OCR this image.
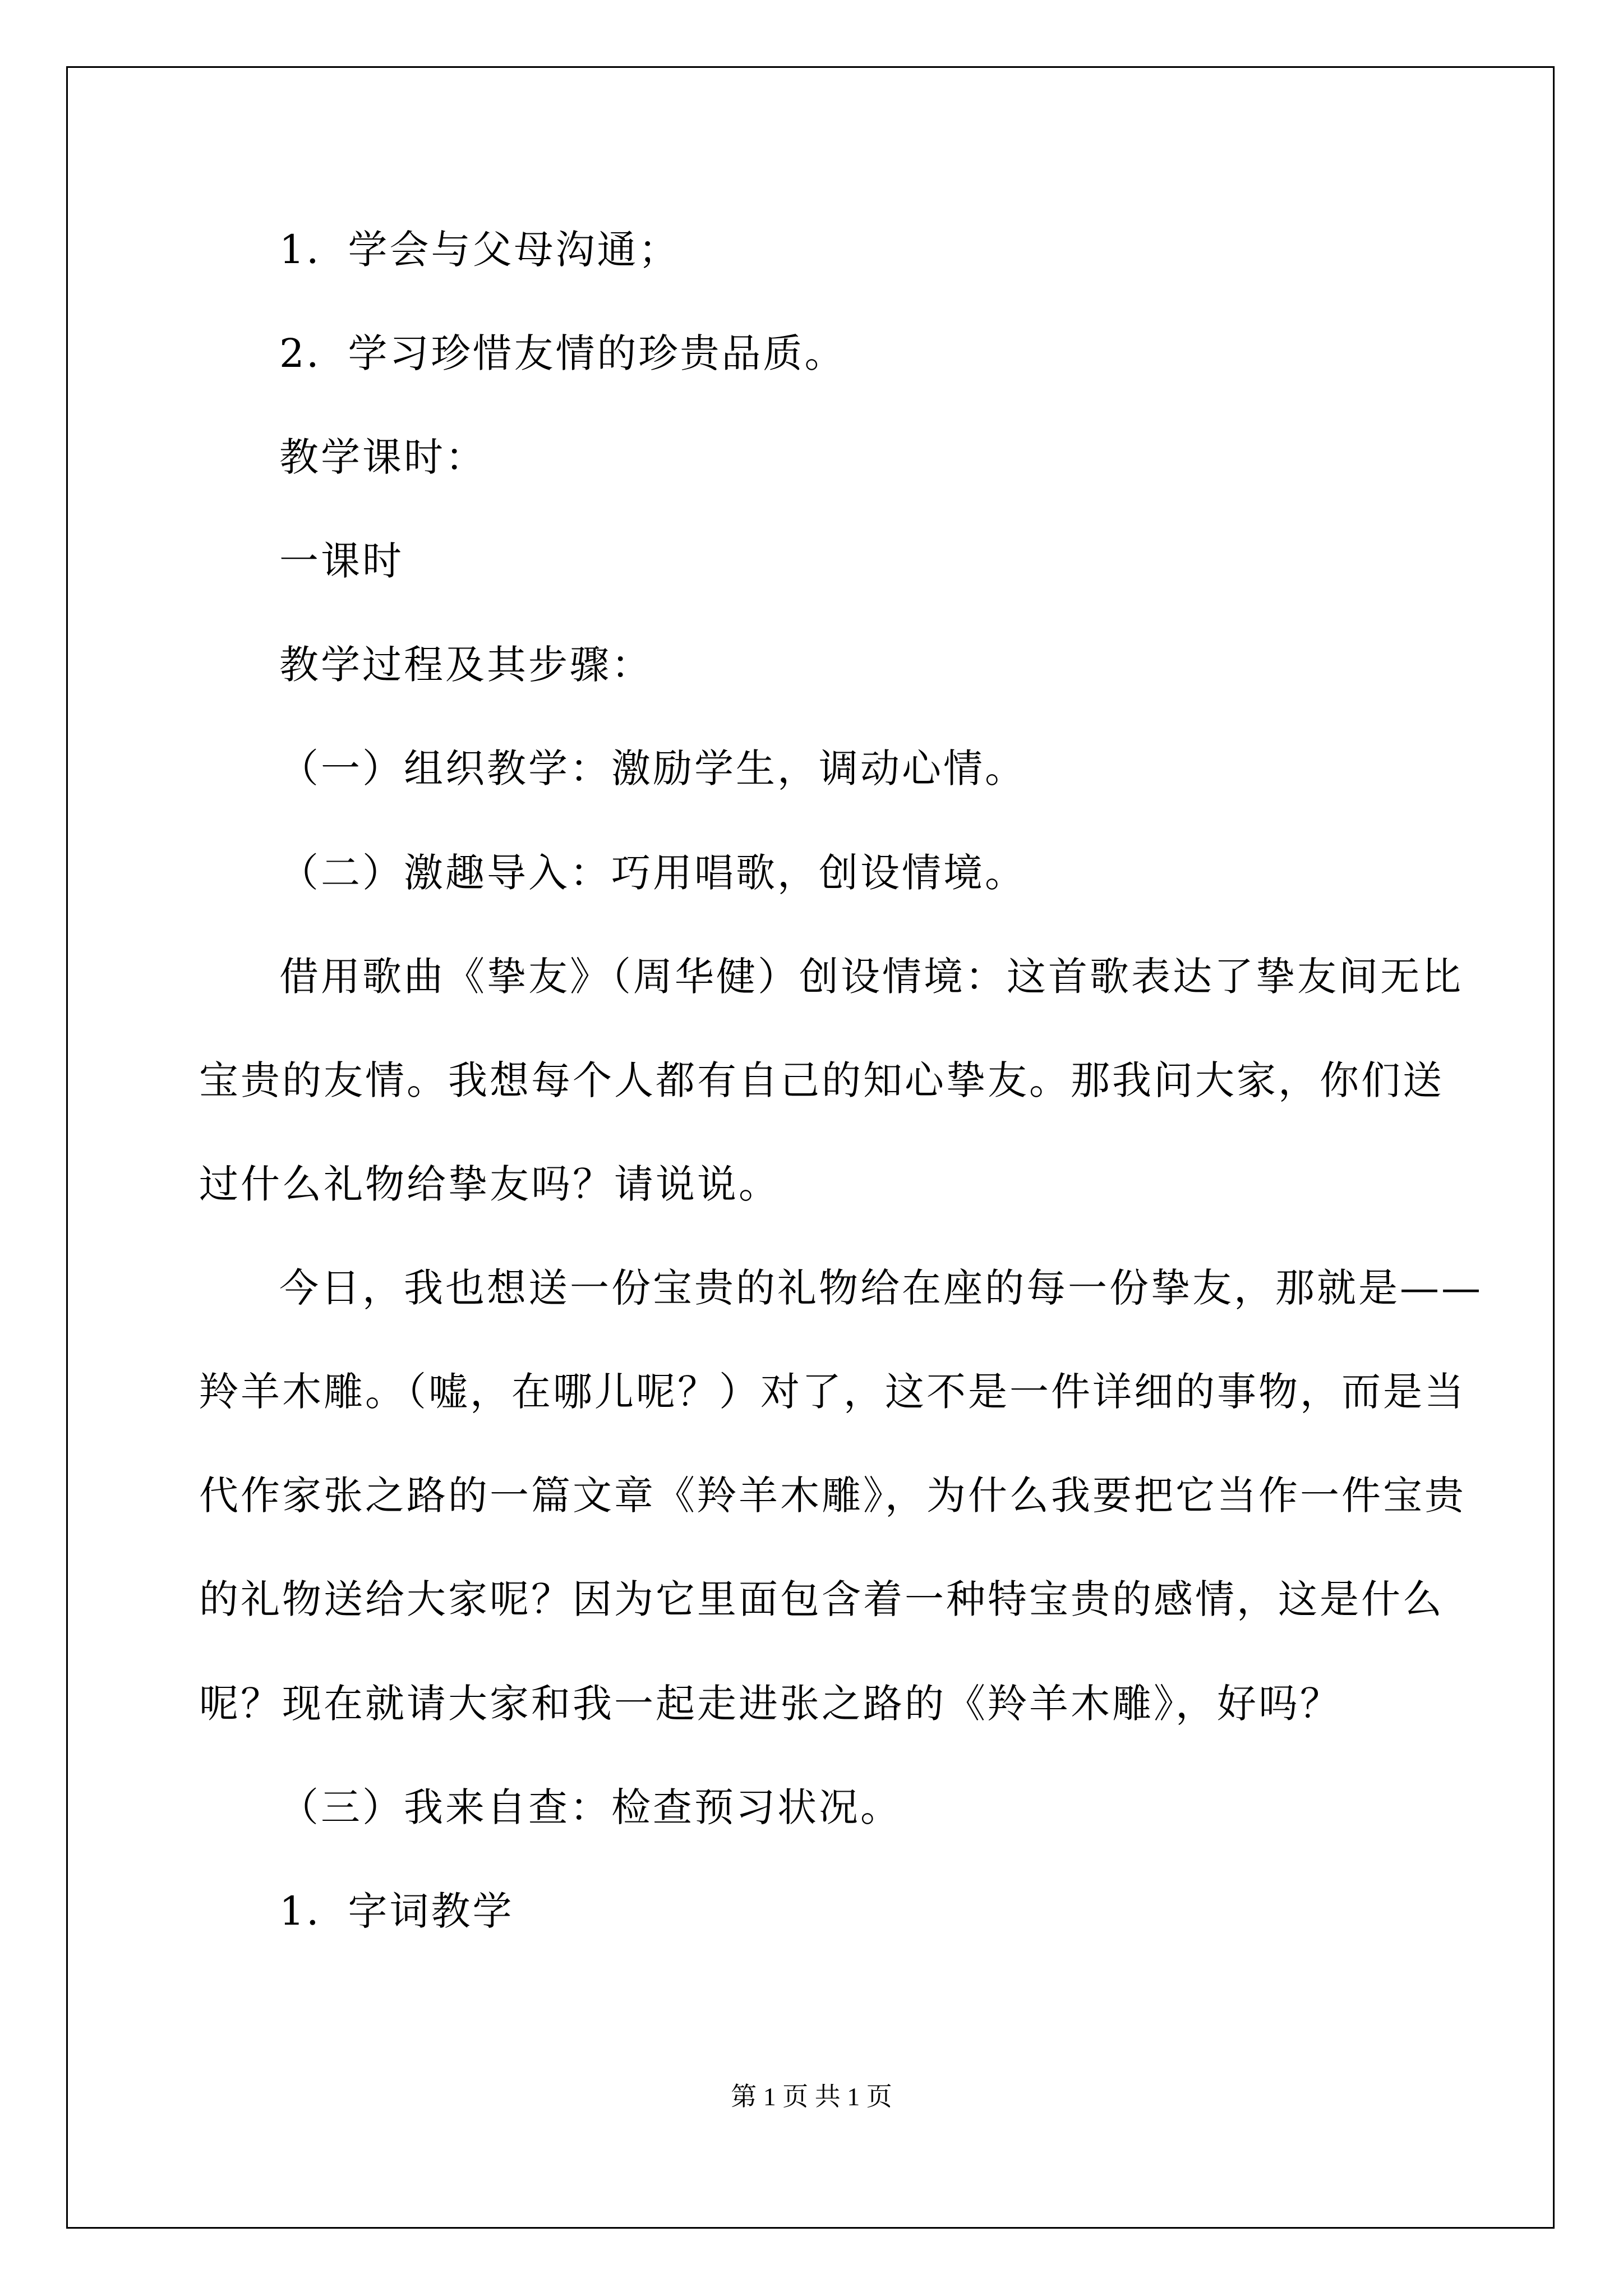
1．学会与父母沟通；
2．学习珍惜友情的珍贵品质。
教学课时：
一课时
教学过程及其步骤：
（一）组织教学：激励学生，调动心情。
（二）激趣导入：巧用唱歌，创设情境。
借用歌曲《挚友》（周华健）创设情境：这首歌表达了挚友间无比
宝贵的友情。我想每个人都有自己的知心挚友。那我问大家，你们送
过什么礼物给挚友吗？请说说。
今日，我也想送一份宝贵的礼物给在座的每一份挚友，那就是——
羚羊木雕。（嘘，在哪儿呢？）对了，这不是一件详细的事物，而是当
代作家张之路的一篇文章《羚羊木雕》，为什么我要把它当作一件宝贵
的礼物送给大家呢？因为它里面包含着一种特宝贵的感情，这是什么
呢？现在就请大家和我一起走进张之路的《羚羊木雕》，好吗？
（三）我来自查：检查预习状况。
1．字词教学
第 1 页 共 1 页
